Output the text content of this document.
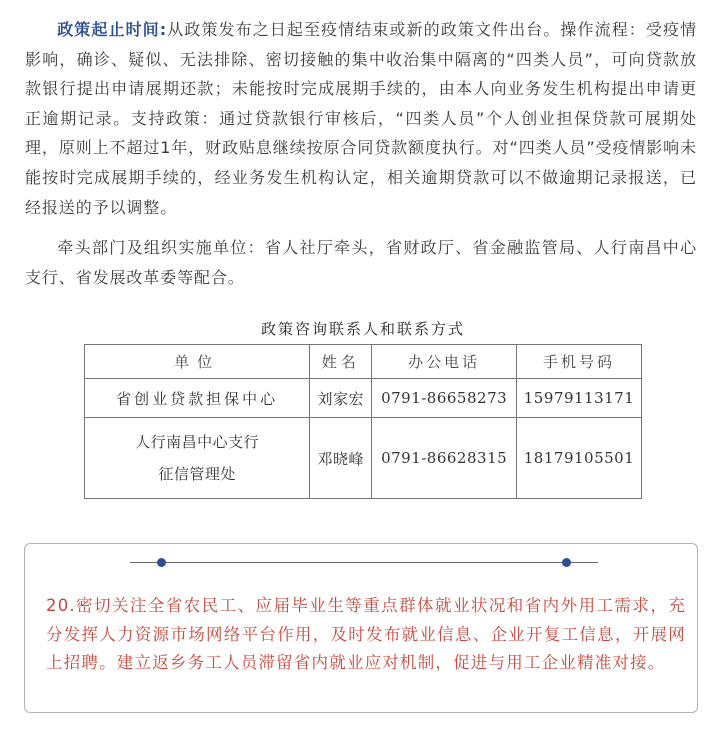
政策起止时间:从政策发布之日起至疫情结束或新的政策文件出台。操作流程：受疫情影响，确诊、疑似、无法排除、密切接触的集中收治集中隔离的“四类人员”，可向贷款放款银行提出申请展期还款；未能按时完成展期手续的，由本人向业务发生机构提出申请更正逾期记录。支持政策：通过贷款银行审核后，“四类人员”个人创业担保贷款可展期处理，原则上不超过1年，财政贴息继续按原合同贷款额度执行。对“四类人员”受疫情影响未能按时完成展期手续的，经业务发生机构认定，相关逾期贷款可以不做逾期记录报送，已经报送的予以调整。

牵头部门及组织实施单位：省人社厅牵头，省财政厅、省金融监管局、人行南昌中心支行、省发展改革委等配合。

政策咨询联系人和联系方式
单位	姓名	办公电话	手机号码
省创业贷款担保中心	刘家宏	0791-86658273	15979113171

人行南昌中心支行
征信管理处	邓晓峰	0791-86628315	18179105501

20.密切关注全省农民工、应届毕业生等重点群体就业状况和省内外用工需求，充分发挥人力资源市场网络平台作用，及时发布就业信息、企业开复工信息，开展网上招聘。建立返乡务工人员滞留省内就业应对机制，促进与用工企业精准对接。
